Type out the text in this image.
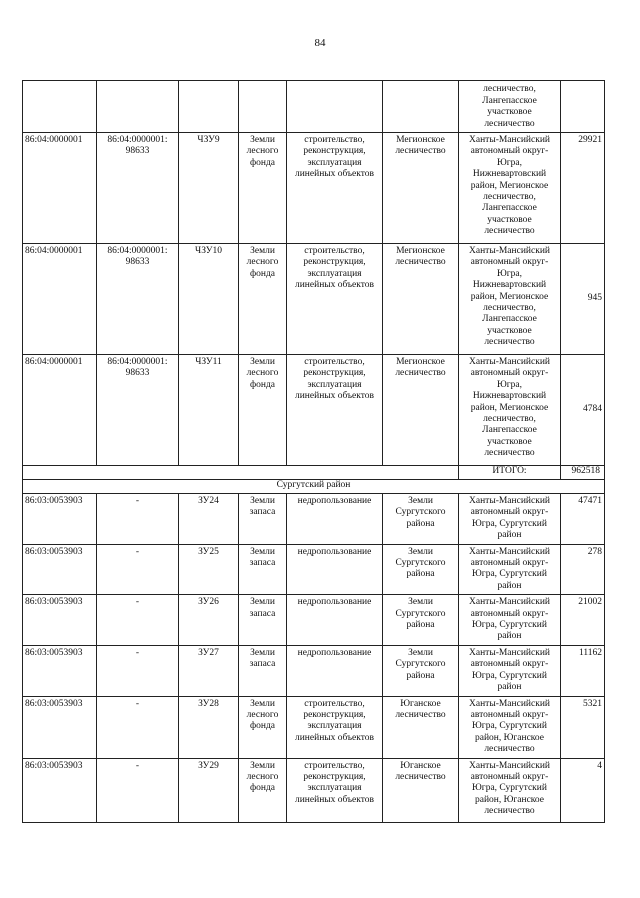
84
						лесничество, Лангепасское участковое лесничество	
86:04:0000001	86:04:0000001: 98633	ЧЗУ9	Земли лесного фонда	строительство, реконструкция, эксплуатация линейных объектов	Мегионское лесничество	Ханты-Мансийский автономный округ- Югра, Нижневартовский район, Мегионское лесничество, Лангепасское участковое лесничество	29921
86:04:0000001	86:04:0000001: 98633	ЧЗУ10	Земли лесного фонда	строительство, реконструкция, эксплуатация линейных объектов	Мегионское лесничество	Ханты-Мансийский автономный округ- Югра, Нижневартовский район, Мегионское лесничество, Лангепасское участковое лесничество	945
86:04:0000001	86:04:0000001: 98633	ЧЗУ11	Земли лесного фонда	строительство, реконструкция, эксплуатация линейных объектов	Мегионское лесничество	Ханты-Мансийский автономный округ- Югра, Нижневартовский район, Мегионское лесничество, Лангепасское участковое лесничество	4784
						ИТОГО:	962518
Сургутский район							
86:03:0053903	-	ЗУ24	Земли запаса	недропользование	Земли Сургутского района	Ханты-Мансийский автономный округ- Югра, Сургутский район	47471
86:03:0053903	-	ЗУ25	Земли запаса	недропользование	Земли Сургутского района	Ханты-Мансийский автономный округ- Югра, Сургутский район	278
86:03:0053903	-	ЗУ26	Земли запаса	недропользование	Земли Сургутского района	Ханты-Мансийский автономный округ- Югра, Сургутский район	21002
86:03:0053903	-	ЗУ27	Земли запаса	недропользование	Земли Сургутского района	Ханты-Мансийский автономный округ- Югра, Сургутский район	11162
86:03:0053903	-	ЗУ28	Земли лесного фонда	строительство, реконструкция, эксплуатация линейных объектов	Юганское лесничество	Ханты-Мансийский автономный округ- Югра, Сургутский район, Юганское лесничество	5321
86:03:0053903	-	ЗУ29	Земли лесного фонда	строительство, реконструкция, эксплуатация линейных объектов	Юганское лесничество	Ханты-Мансийский автономный округ- Югра, Сургутский район, Юганское лесничество	4
